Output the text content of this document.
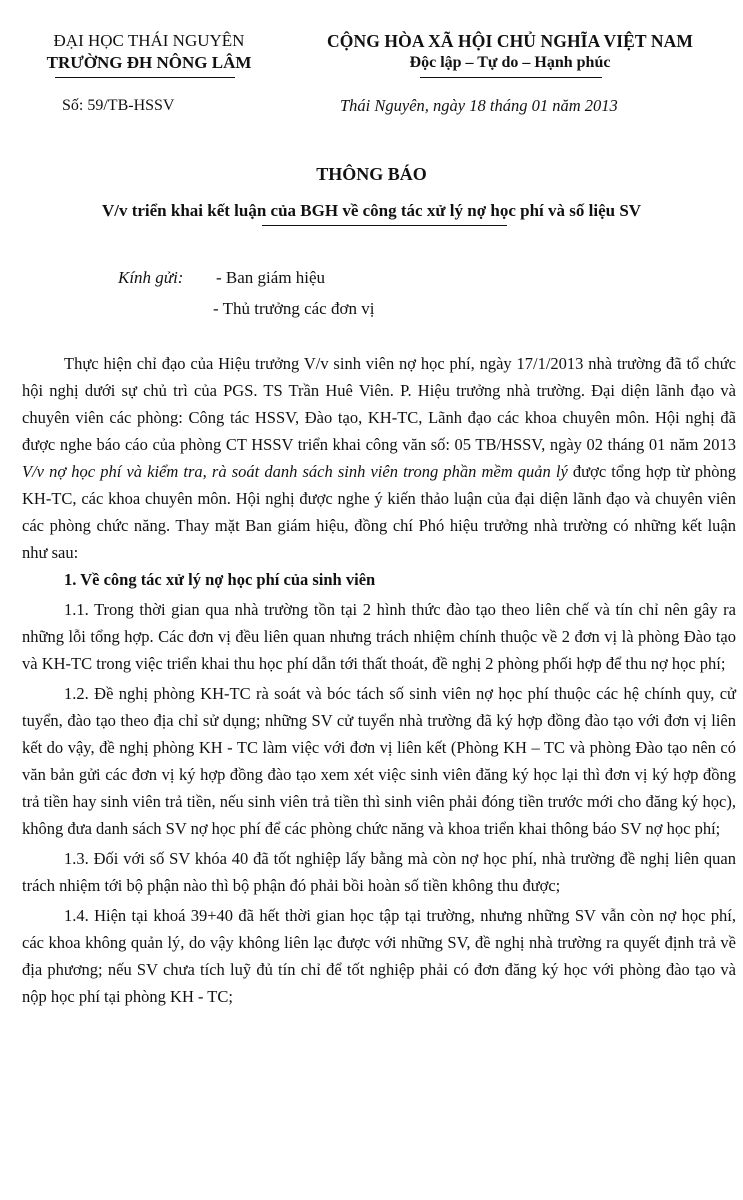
ĐẠI HỌC THÁI NGUYÊN
TRƯỜNG ĐH NÔNG LÂM
CỘNG HÒA XÃ HỘI CHỦ NGHĨA VIỆT NAM
Độc lập – Tự do – Hạnh phúc
Số: 59/TB-HSSV	Thái Nguyên, ngày 18 tháng 01 năm 2013
THÔNG BÁO
V/v triển khai kết luận của BGH về công tác xử lý nợ học phí và số liệu SV
Kính gửi: - Ban giám hiệu
- Thủ trưởng các đơn vị

Thực hiện chỉ đạo của Hiệu trưởng V/v sinh viên nợ học phí, ngày 17/1/2013 nhà trường đã tổ chức hội nghị dưới sự chủ trì của PGS. TS Trần Huê Viên. P. Hiệu trưởng nhà trường. Đại diện lãnh đạo và chuyên viên các phòng: Công tác HSSV, Đào tạo, KH-TC, Lãnh đạo các khoa chuyên môn. Hội nghị đã được nghe báo cáo của phòng CT HSSV triển khai công văn số: 05 TB/HSSV, ngày 02 tháng 01 năm 2013 V/v nợ học phí và kiểm tra, rà soát danh sách sinh viên trong phần mềm quản lý được tổng hợp từ phòng KH-TC, các khoa chuyên môn. Hội nghị được nghe ý kiến thảo luận của đại diện lãnh đạo và chuyên viên các phòng chức năng. Thay mặt Ban giám hiệu, đồng chí Phó hiệu trưởng nhà trường có những kết luận như sau:

1. Về công tác xử lý nợ học phí của sinh viên

1.1. Trong thời gian qua nhà trường tồn tại 2 hình thức đào tạo theo liên chế và tín chỉ nên gây ra những lỗi tổng hợp. Các đơn vị đều liên quan nhưng trách nhiệm chính thuộc về 2 đơn vị là phòng Đào tạo và KH-TC trong việc triển khai thu học phí dẫn tới thất thoát, đề nghị 2 phòng phối hợp để thu nợ học phí;

1.2. Đề nghị phòng KH-TC rà soát và bóc tách số sinh viên nợ học phí thuộc các hệ chính quy, cử tuyển, đào tạo theo địa chỉ sử dụng; những SV cử tuyển nhà trường đã ký hợp đồng đào tạo với đơn vị liên kết do vậy, đề nghị phòng KH - TC làm việc với đơn vị liên kết (Phòng KH – TC và phòng Đào tạo nên có văn bản gửi các đơn vị ký hợp đồng đào tạo xem xét việc sinh viên đăng ký học lại thì đơn vị ký hợp đồng trả tiền hay sinh viên trả tiền, nếu sinh viên trả tiền thì sinh viên phải đóng tiền trước mới cho đăng ký học), không đưa danh sách SV nợ học phí để các phòng chức năng và khoa triển khai thông báo SV nợ học phí;

1.3. Đối với số SV khóa 40 đã tốt nghiệp lấy bằng mà còn nợ học phí, nhà trường đề nghị liên quan trách nhiệm tới bộ phận nào thì bộ phận đó phải bồi hoàn số tiền không thu được;

1.4. Hiện tại khoá 39+40 đã hết thời gian học tập tại trường, nhưng những SV vẫn còn nợ học phí, các khoa không quản lý, do vậy không liên lạc được với những SV, đề nghị nhà trường ra quyết định trả về địa phương; nếu SV chưa tích luỹ đủ tín chỉ để tốt nghiệp phải có đơn đăng ký học với phòng đào tạo và nộp học phí tại phòng KH - TC;
